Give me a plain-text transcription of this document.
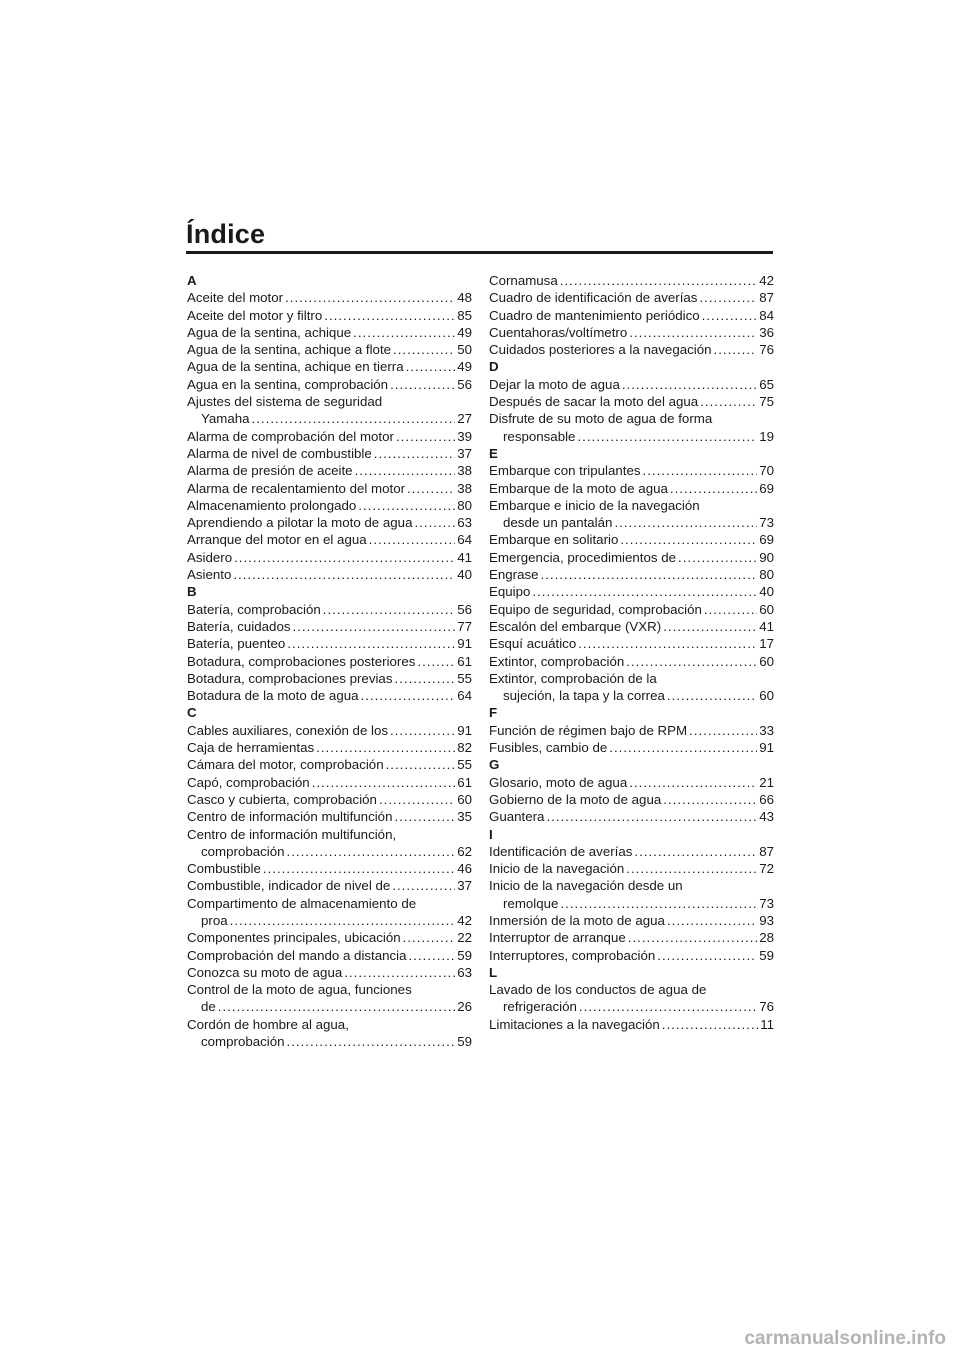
Índice
A
Aceite del motor .....	48
Aceite del motor y filtro .....	85
Agua de la sentina, achique .....	49
Agua de la sentina, achique a flote .....	50
Agua de la sentina, achique en tierra .....	49
Agua en la sentina, comprobación .....	56
Ajustes del sistema de seguridad
Yamaha .....	27
Alarma de comprobación del motor .....	39
Alarma de nivel de combustible .....	37
Alarma de presión de aceite .....	38
Alarma de recalentamiento del motor .....	38
Almacenamiento prolongado .....	80
Aprendiendo a pilotar la moto de agua .....	63
Arranque del motor en el agua .....	64
Asidero .....	41
Asiento .....	40
B
Batería, comprobación .....	56
Batería, cuidados .....	77
Batería, puenteo .....	91
Botadura, comprobaciones posteriores .....	61
Botadura, comprobaciones previas .....	55
Botadura de la moto de agua .....	64
C
Cables auxiliares, conexión de los .....	91
Caja de herramientas .....	82
Cámara del motor, comprobación .....	55
Capó, comprobación .....	61
Casco y cubierta, comprobación .....	60
Centro de información multifunción .....	35
Centro de información multifunción,
comprobación .....	62
Combustible .....	46
Combustible, indicador de nivel de .....	37
Compartimento de almacenamiento de
proa .....	42
Componentes principales, ubicación .....	22
Comprobación del mando a distancia .....	59
Conozca su moto de agua .....	63
Control de la moto de agua, funciones
de .....	26
Cordón de hombre al agua,
comprobación .....	59
Cornamusa .....	42
Cuadro de identificación de averías .....	87
Cuadro de mantenimiento periódico .....	84
Cuentahoras/voltímetro .....	36
Cuidados posteriores a la navegación .....	76
D
Dejar la moto de agua .....	65
Después de sacar la moto del agua .....	75
Disfrute de su moto de agua de forma
responsable .....	19
E
Embarque con tripulantes .....	70
Embarque de la moto de agua .....	69
Embarque e inicio de la navegación
desde un pantalán .....	73
Embarque en solitario .....	69
Emergencia, procedimientos de .....	90
Engrase .....	80
Equipo .....	40
Equipo de seguridad, comprobación .....	60
Escalón del embarque (VXR) .....	41
Esquí acuático .....	17
Extintor, comprobación .....	60
Extintor, comprobación de la
sujeción, la tapa y la correa .....	60
F
Función de régimen bajo de RPM .....	33
Fusibles, cambio de .....	91
G
Glosario, moto de agua .....	21
Gobierno de la moto de agua .....	66
Guantera .....	43
I
Identificación de averías .....	87
Inicio de la navegación .....	72
Inicio de la navegación desde un
remolque .....	73
Inmersión de la moto de agua .....	93
Interruptor de arranque .....	28
Interruptores, comprobación .....	59
L
Lavado de los conductos de agua de
refrigeración .....	76
Limitaciones a la navegación .....	11
carmanualsonline.info
